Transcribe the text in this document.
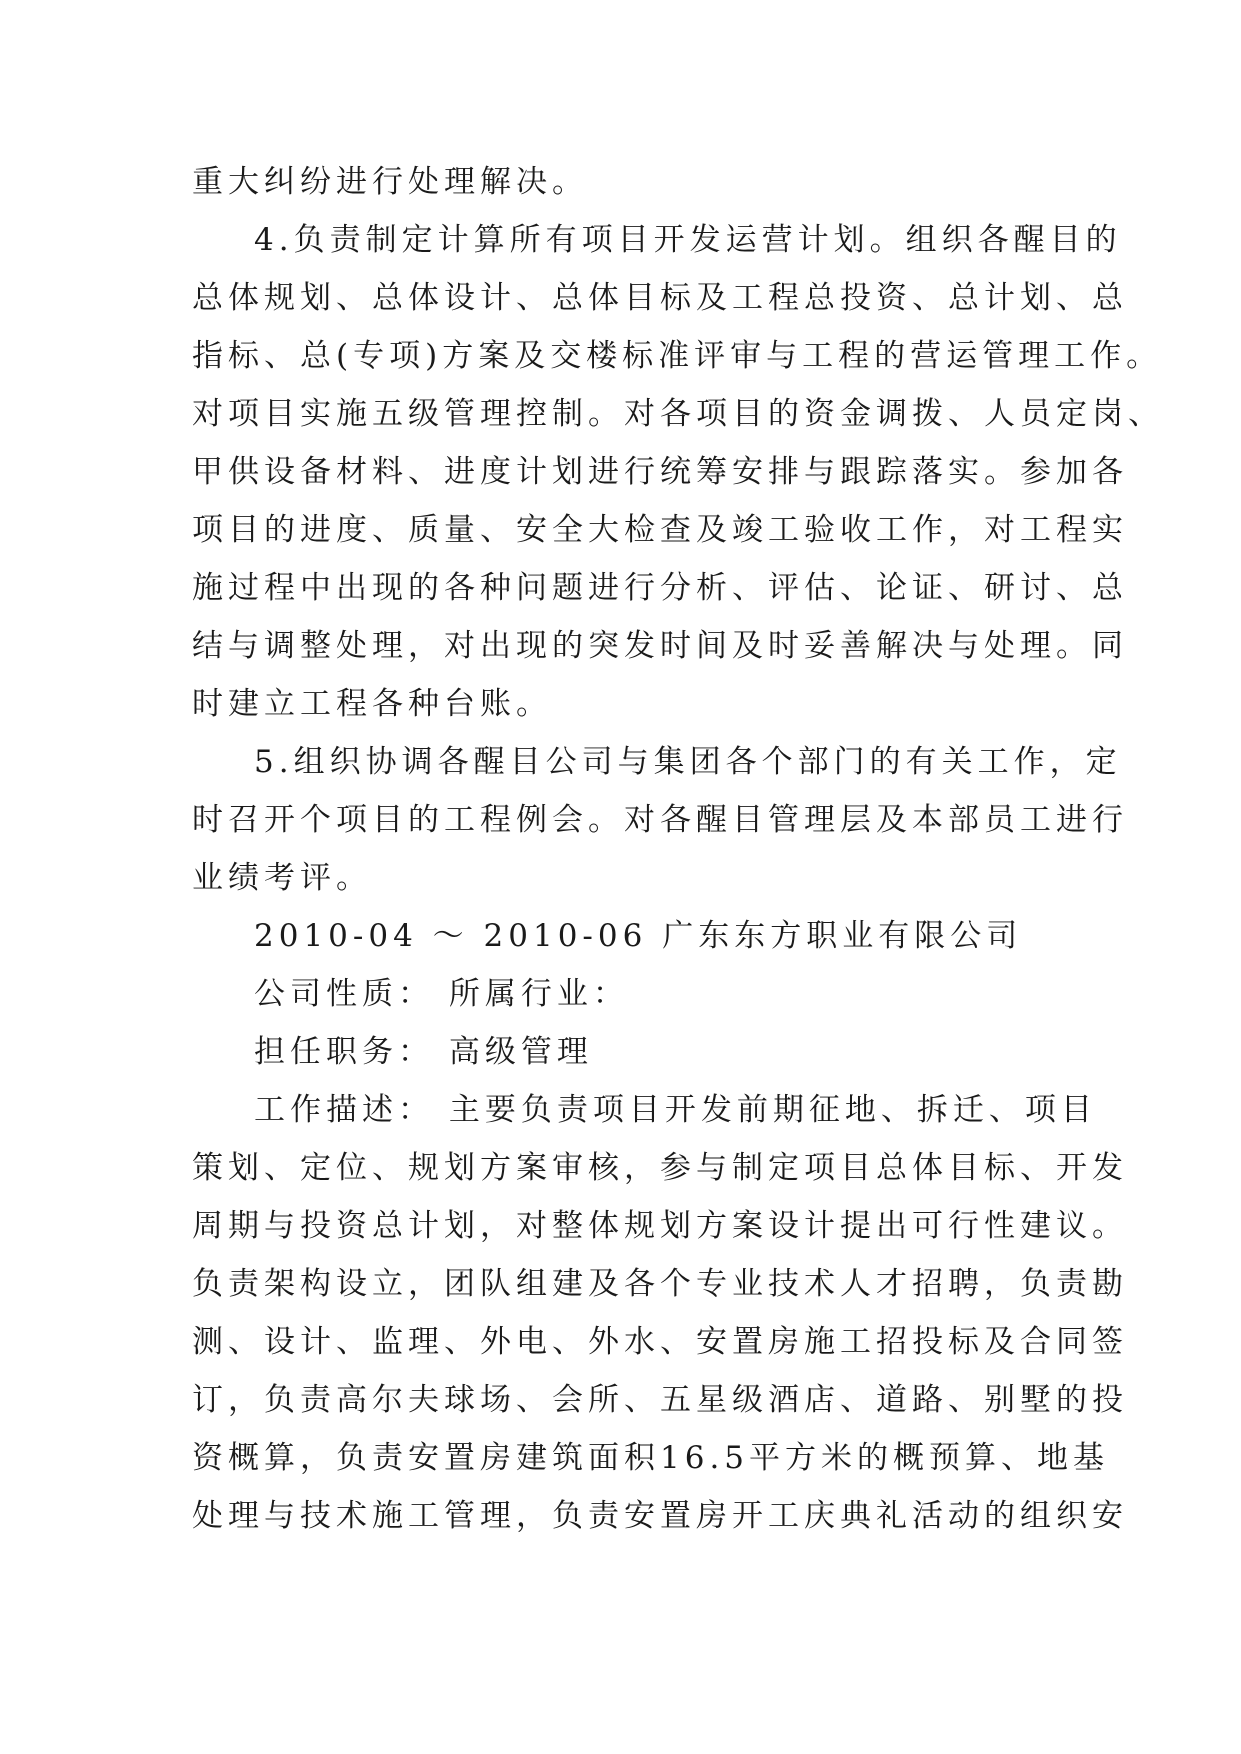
重大纠纷进行处理解决。
4.负责制定计算所有项目开发运营计划。组织各醒目的
总体规划、总体设计、总体目标及工程总投资、总计划、总
指标、总(专项)方案及交楼标准评审与工程的营运管理工作。
对项目实施五级管理控制。对各项目的资金调拨、人员定岗、
甲供设备材料、进度计划进行统筹安排与跟踪落实。参加各
项目的进度、质量、安全大检查及竣工验收工作，对工程实
施过程中出现的各种问题进行分析、评估、论证、研讨、总
结与调整处理，对出现的突发时间及时妥善解决与处理。同
时建立工程各种台账。
5.组织协调各醒目公司与集团各个部门的有关工作，定
时召开个项目的工程例会。对各醒目管理层及本部员工进行
业绩考评。
2010-04 ～ 2010-06 广东东方职业有限公司
公司性质： 所属行业：
担任职务： 高级管理
工作描述： 主要负责项目开发前期征地、拆迁、项目
策划、定位、规划方案审核，参与制定项目总体目标、开发
周期与投资总计划，对整体规划方案设计提出可行性建议。
负责架构设立，团队组建及各个专业技术人才招聘，负责勘
测、设计、监理、外电、外水、安置房施工招投标及合同签
订，负责高尔夫球场、会所、五星级酒店、道路、别墅的投
资概算，负责安置房建筑面积16.5平方米的概预算、地基
处理与技术施工管理，负责安置房开工庆典礼活动的组织安
